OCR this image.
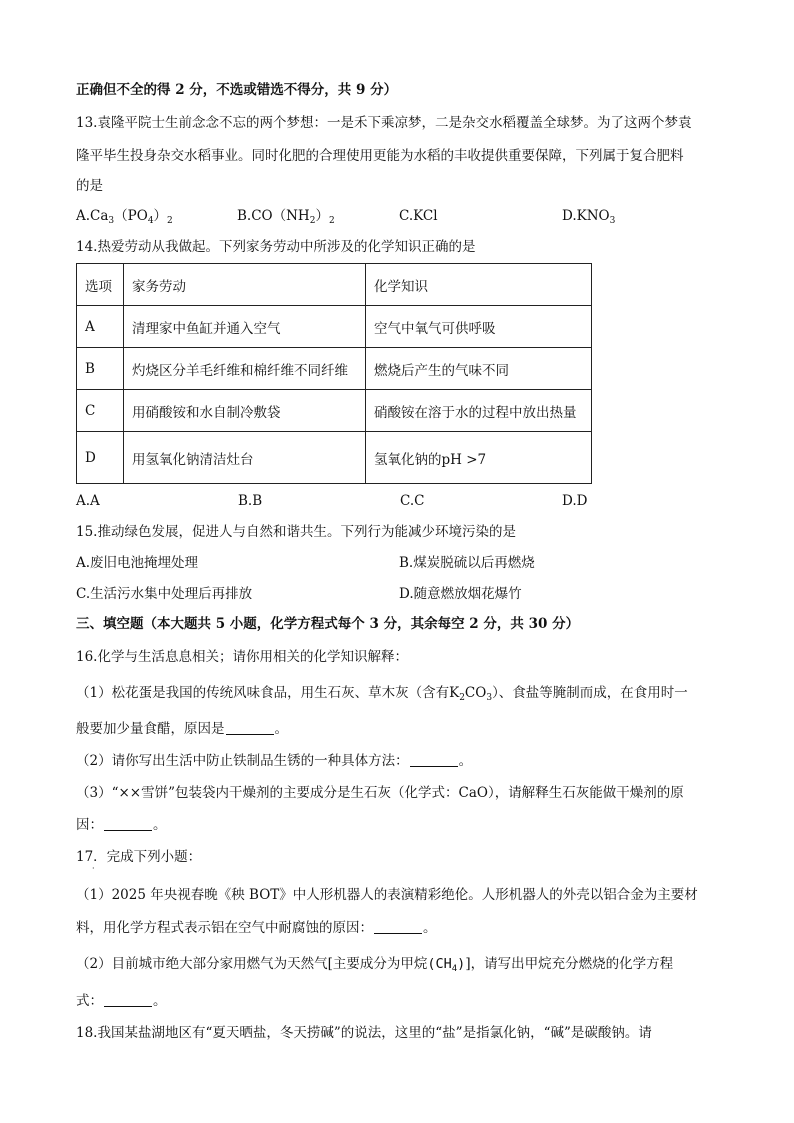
正确但不全的得 2 分，不选或错选不得分，共 9 分）
13.袁隆平院士生前念念不忘的两个梦想：一是禾下乘凉梦，二是杂交水稻覆盖全球梦。为了这两个梦袁
隆平毕生投身杂交水稻事业。同时化肥的合理使用更能为水稻的丰收提供重要保障，下列属于复合肥料
的是
$A.Ca_3(PO_4)_2$	$B.CO(NH_2)_2$	C.KCl	$D.KNO_3$
14.热爱劳动从我做起。下列家务劳动中所涉及的化学知识正确的是
选项	家务劳动	化学知识
A	清理家中鱼缸并通入空气	空气中氧气可供呼吸
B	灼烧区分羊毛纤维和棉纤维不同纤维	燃烧后产生的气味不同
C	用硝酸铵和水自制冷敷袋	硝酸铵在溶于水的过程中放出热量
D	用氢氧化钠清洁灶台	氢氧化钠的pH >7
A.A	B.B	C.C	D.D
15.推动绿色发展，促进人与自然和谐共生。下列行为能减少环境污染的是
A.废旧电池掩埋处理	B.煤炭脱硫以后再燃烧
C.生活污水集中处理后再排放	D.随意燃放烟花爆竹
三、填空题（本大题共 5 小题，化学方程式每个 3 分，其余每空 2 分，共 30 分）
16.化学与生活息息相关；请你用相关的化学知识解释：
（1）松花蛋是我国的传统风味食品，用生石灰、草木灰（含有$K_2CO_3$）、食盐等腌制而成，在食用时一
般要加少量食醋，原因是	。
（2）请你写出生活中防止铁制品生锈的一种具体方法：	。
（3）“××雪饼”包装袋内干燥剂的主要成分是生石灰（化学式：CaO），请解释生石灰能做干燥剂的原
因：	。
17．完成下列小题：
·
（1）2025 年央视春晚《秧 BOT》中人形机器人的表演精彩绝伦。人形机器人的外壳以铝合金为主要材
料，用化学方程式表示铝在空气中耐腐蚀的原因：	。
（2）目前城市绝大部分家用燃气为天然气[主要成分为甲烷$(CH_4)$]，请写出甲烷充分燃烧的化学方程
式：	。
18.我国某盐湖地区有“夏天晒盐，冬天捞碱”的说法，这里的“盐”是指氯化钠，“碱”是碳酸钠。请
